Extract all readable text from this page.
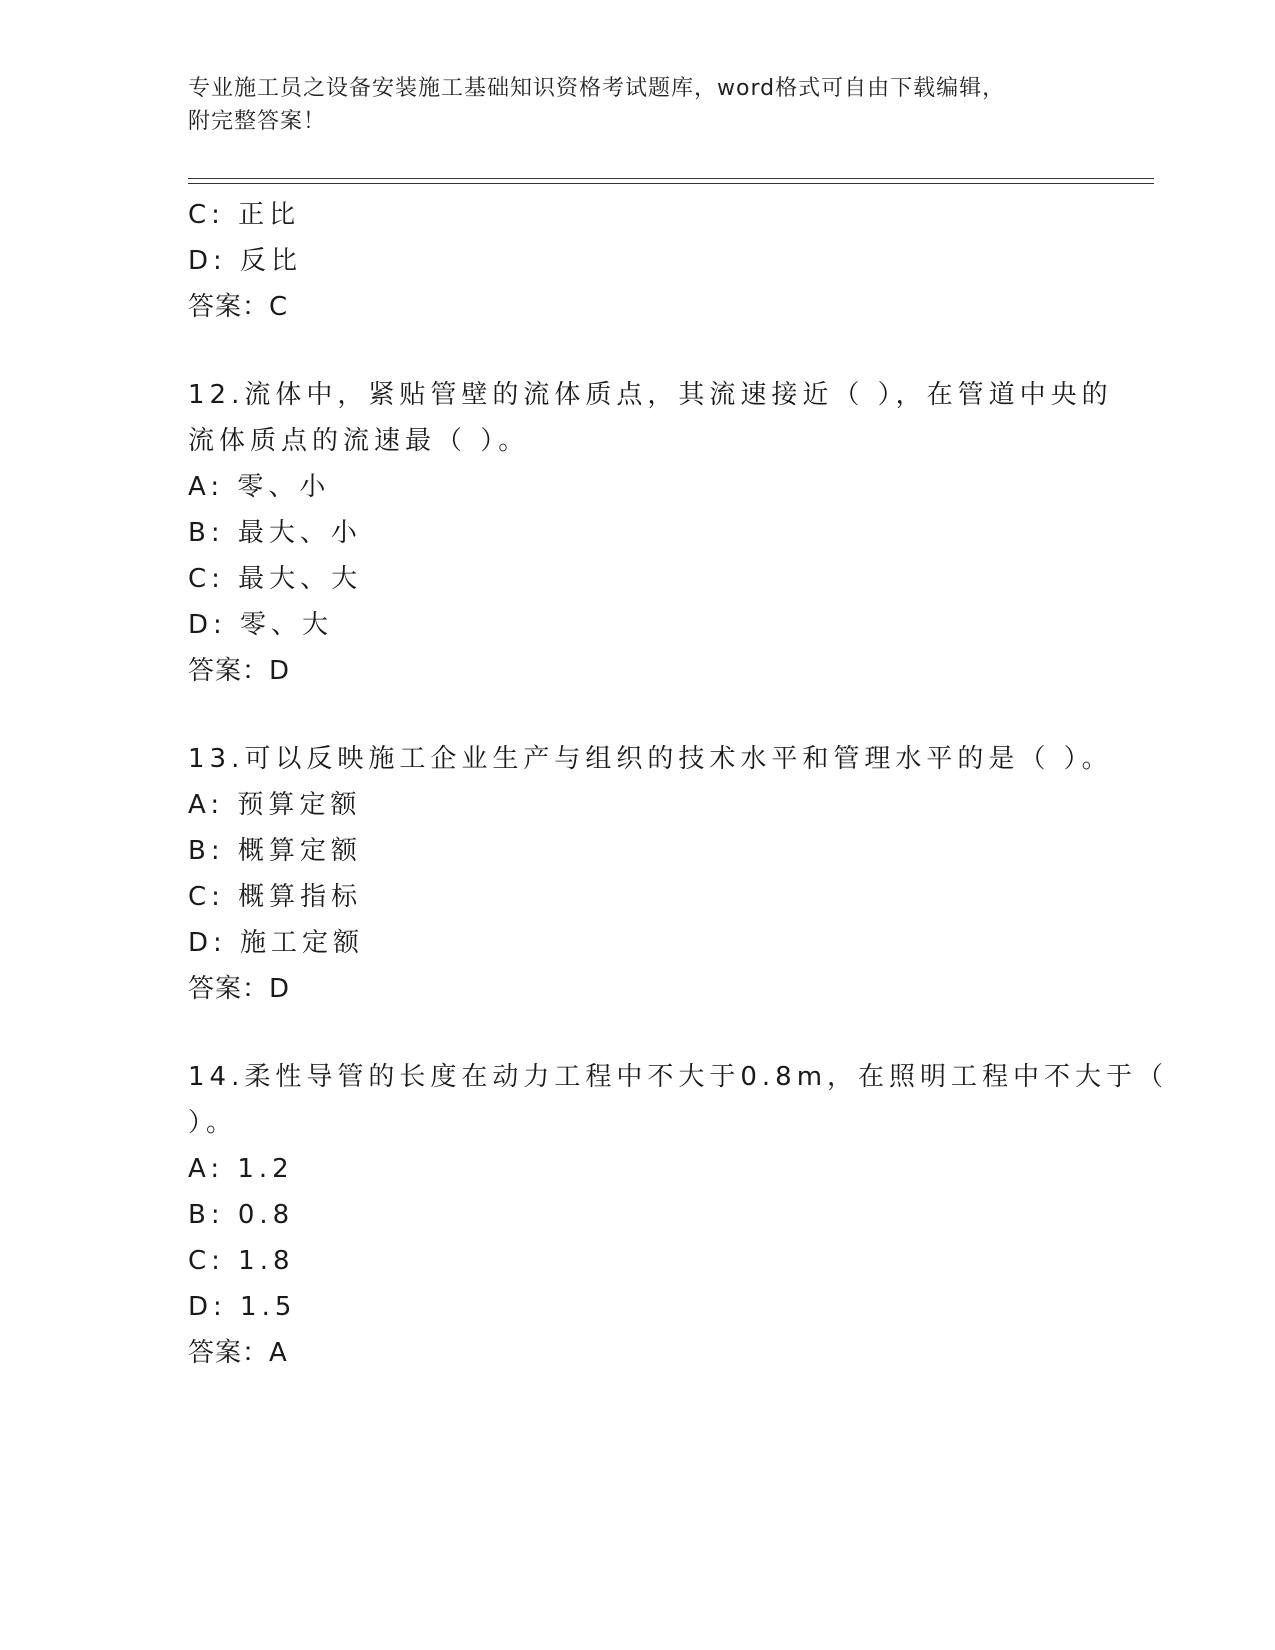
专业施工员之设备安装施工基础知识资格考试题库，word格式可自由下载编辑，
附完整答案！
C: 正比
D: 反比
答案：C
12.流体中，紧贴管壁的流体质点，其流速接近（ ），在管道中央的
流体质点的流速最（ ）。
A: 零、小
B: 最大、小
C: 最大、大
D: 零、大
答案：D
13.可以反映施工企业生产与组织的技术水平和管理水平的是（ ）。
A: 预算定额
B: 概算定额
C: 概算指标
D: 施工定额
答案：D
14.柔性导管的长度在动力工程中不大于0.8m，在照明工程中不大于（
）。
A: 1.2
B: 0.8
C: 1.8
D: 1.5
答案：A
